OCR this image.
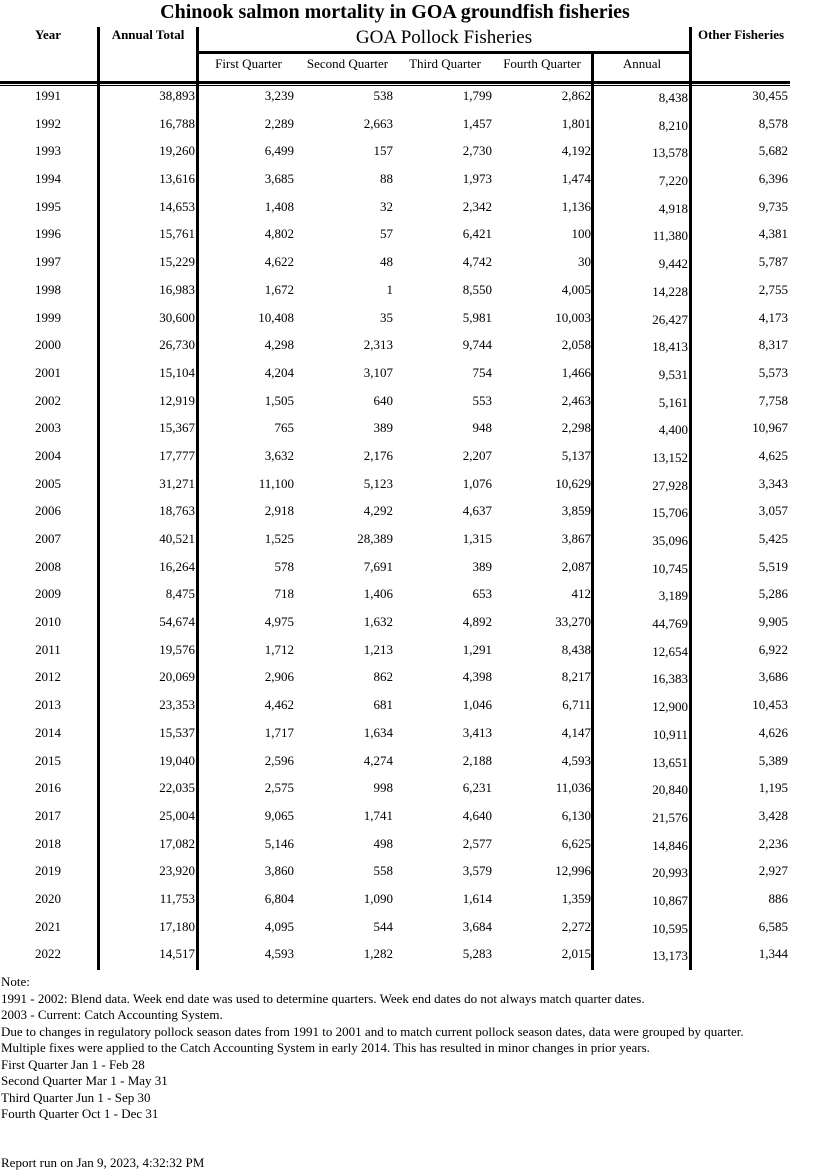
Chinook salmon mortality in GOA groundfish fisheries
Year	Annual Total	GOA Pollock Fisheries
First Quarter	Second Quarter	Third Quarter	Fourth Quarter	Annual
Other Fisheries
1991	38,893	3,239	538	1,799	2,862	8,438	30,455
1992	16,788	2,289	2,663	1,457	1,801	8,210	8,578
1993	19,260	6,499	157	2,730	4,192	13,578	5,682
1994	13,616	3,685	88	1,973	1,474	7,220	6,396
1995	14,653	1,408	32	2,342	1,136	4,918	9,735
1996	15,761	4,802	57	6,421	100	11,380	4,381
1997	15,229	4,622	48	4,742	30	9,442	5,787
1998	16,983	1,672	1	8,550	4,005	14,228	2,755
1999	30,600	10,408	35	5,981	10,003	26,427	4,173
2000	26,730	4,298	2,313	9,744	2,058	18,413	8,317
2001	15,104	4,204	3,107	754	1,466	9,531	5,573
2002	12,919	1,505	640	553	2,463	5,161	7,758
2003	15,367	765	389	948	2,298	4,400	10,967
2004	17,777	3,632	2,176	2,207	5,137	13,152	4,625
2005	31,271	11,100	5,123	1,076	10,629	27,928	3,343
2006	18,763	2,918	4,292	4,637	3,859	15,706	3,057
2007	40,521	1,525	28,389	1,315	3,867	35,096	5,425
2008	16,264	578	7,691	389	2,087	10,745	5,519
2009	8,475	718	1,406	653	412	3,189	5,286
2010	54,674	4,975	1,632	4,892	33,270	44,769	9,905
2011	19,576	1,712	1,213	1,291	8,438	12,654	6,922
2012	20,069	2,906	862	4,398	8,217	16,383	3,686
2013	23,353	4,462	681	1,046	6,711	12,900	10,453
2014	15,537	1,717	1,634	3,413	4,147	10,911	4,626
2015	19,040	2,596	4,274	2,188	4,593	13,651	5,389
2016	22,035	2,575	998	6,231	11,036	20,840	1,195
2017	25,004	9,065	1,741	4,640	6,130	21,576	3,428
2018	17,082	5,146	498	2,577	6,625	14,846	2,236
2019	23,920	3,860	558	3,579	12,996	20,993	2,927
2020	11,753	6,804	1,090	1,614	1,359	10,867	886
2021	17,180	4,095	544	3,684	2,272	10,595	6,585
2022	14,517	4,593	1,282	5,283	2,015	13,173	1,344
Note:
1991 - 2002: Blend data. Week end date was used to determine quarters. Week end dates do not always match quarter dates.
2003 - Current: Catch Accounting System.
Due to changes in regulatory pollock season dates from 1991 to 2001 and to match current pollock season dates, data were grouped by quarter.
Multiple fixes were applied to the Catch Accounting System in early 2014. This has resulted in minor changes in prior years.
First Quarter Jan 1 - Feb 28
Second Quarter Mar 1 - May 31
Third Quarter Jun 1 - Sep 30
Fourth Quarter Oct 1 - Dec 31
Report run on Jan 9, 2023, 4:32:32 PM
